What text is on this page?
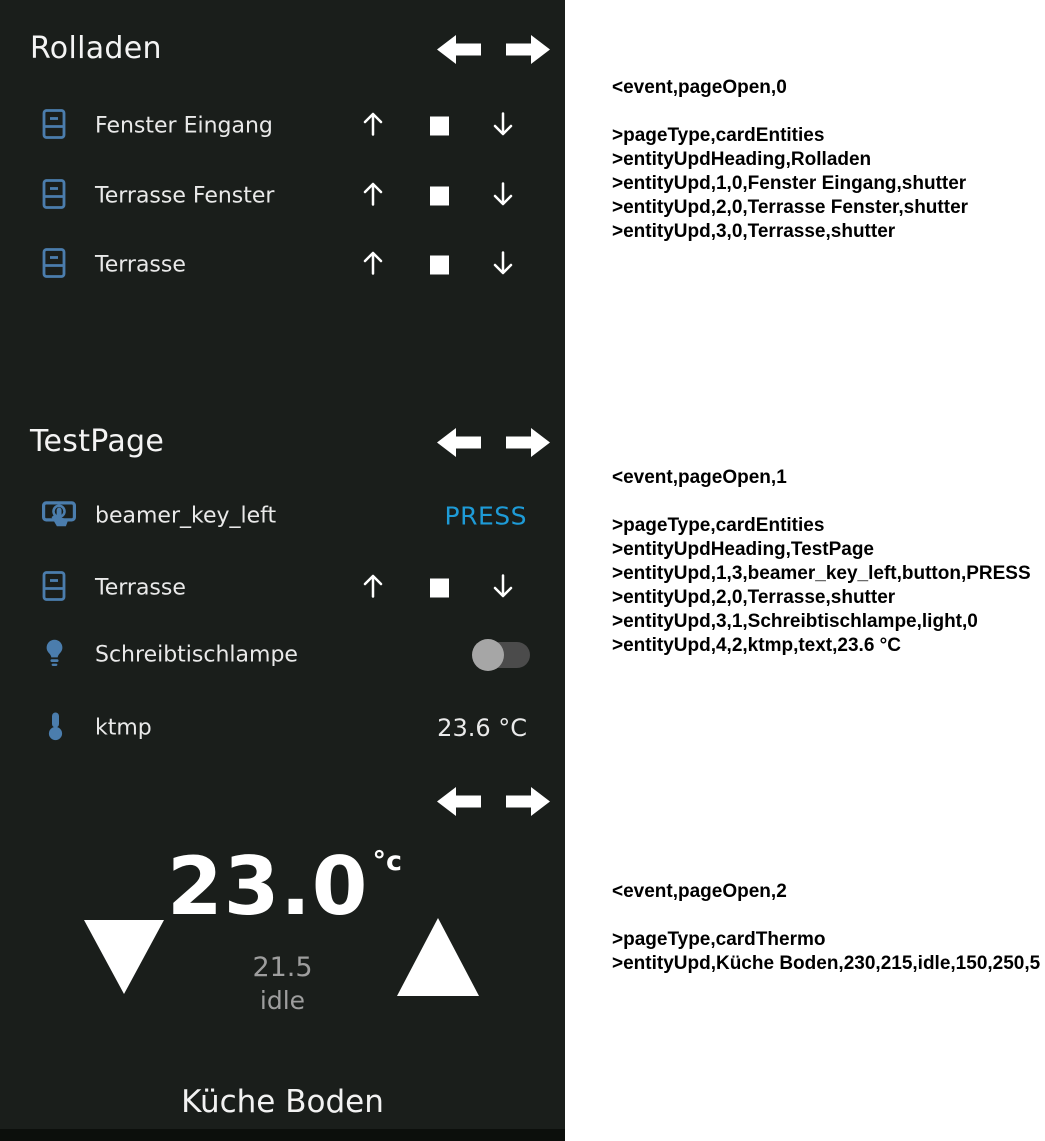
Rolladen
Fenster Eingang
Terrasse Fenster
Terrasse
TestPage
beamer_key_left	PRESS
Terrasse
Schreibtischlampe
ktmp	23.6 °C
23.0 $^{^\circ c}$
21.5
idle
Küche Boden
<event,pageOpen,0
>pageType,cardEntities
>entityUpdHeading,Rolladen
>entityUpd,1,0,Fenster Eingang,shutter
>entityUpd,2,0,Terrasse Fenster,shutter
>entityUpd,3,0,Terrasse,shutter
<event,pageOpen,1
>pageType,cardEntities
>entityUpdHeading,TestPage
>entityUpd,1,3,beamer_key_left,button,PRESS
>entityUpd,2,0,Terrasse,shutter
>entityUpd,3,1,Schreibtischlampe,light,0
>entityUpd,4,2,ktmp,text,23.6 °C
<event,pageOpen,2
>pageType,cardThermo
>entityUpd,Küche Boden,230,215,idle,150,250,5
